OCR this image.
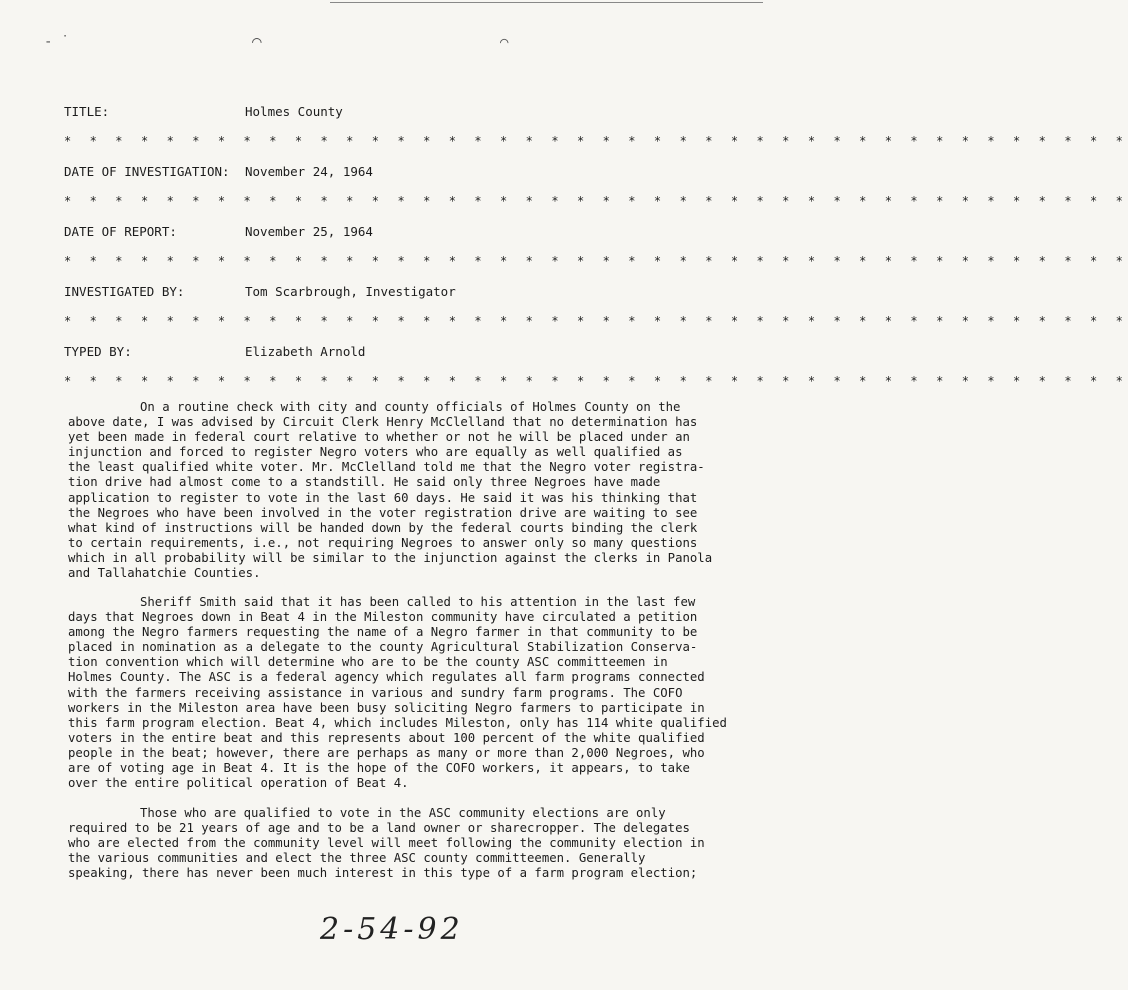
‐ ˙	◠	⌒
TITLE:	Holmes County
* * * * * * * * * * * * * * * * * * * * * * * * * * * * * * * * * * * * * * * * * *
DATE OF INVESTIGATION: November 24, 1964
* * * * * * * * * * * * * * * * * * * * * * * * * * * * * * * * * * * * * * * * * *
DATE OF REPORT:	November 25, 1964
* * * * * * * * * * * * * * * * * * * * * * * * * * * * * * * * * * * * * * * * * *
INVESTIGATED BY:	Tom Scarbrough, Investigator
* * * * * * * * * * * * * * * * * * * * * * * * * * * * * * * * * * * * * * * * * *
TYPED BY:	Elizabeth Arnold
* * * * * * * * * * * * * * * * * * * * * * * * * * * * * * * * * * * * * * * * * *
On a routine check with city and county officials of Holmes County on the
above date, I was advised by Circuit Clerk Henry McClelland that no determination has
yet been made in federal court relative to whether or not he will be placed under an
injunction and forced to register Negro voters who are equally as well qualified as
the least qualified white voter. Mr. McClelland told me that the Negro voter registra-
tion drive had almost come to a standstill. He said only three Negroes have made
application to register to vote in the last 60 days. He said it was his thinking that
the Negroes who have been involved in the voter registration drive are waiting to see
what kind of instructions will be handed down by the federal courts binding the clerk
to certain requirements, i.e., not requiring Negroes to answer only so many questions
which in all probability will be similar to the injunction against the clerks in Panola
and Tallahatchie Counties.
Sheriff Smith said that it has been called to his attention in the last few
days that Negroes down in Beat 4 in the Mileston community have circulated a petition
among the Negro farmers requesting the name of a Negro farmer in that community to be
placed in nomination as a delegate to the county Agricultural Stabilization Conserva-
tion convention which will determine who are to be the county ASC committeemen in
Holmes County. The ASC is a federal agency which regulates all farm programs connected
with the farmers receiving assistance in various and sundry farm programs. The COFO
workers in the Mileston area have been busy soliciting Negro farmers to participate in
this farm program election. Beat 4, which includes Mileston, only has 114 white qualified
voters in the entire beat and this represents about 100 percent of the white qualified
people in the beat; however, there are perhaps as many or more than 2,000 Negroes, who
are of voting age in Beat 4. It is the hope of the COFO workers, it appears, to take
over the entire political operation of Beat 4.
Those who are qualified to vote in the ASC community elections are only
required to be 21 years of age and to be a land owner or sharecropper. The delegates
who are elected from the community level will meet following the community election in
the various communities and elect the three ASC county committeemen. Generally
speaking, there has never been much interest in this type of a farm program election;
2-54-92
